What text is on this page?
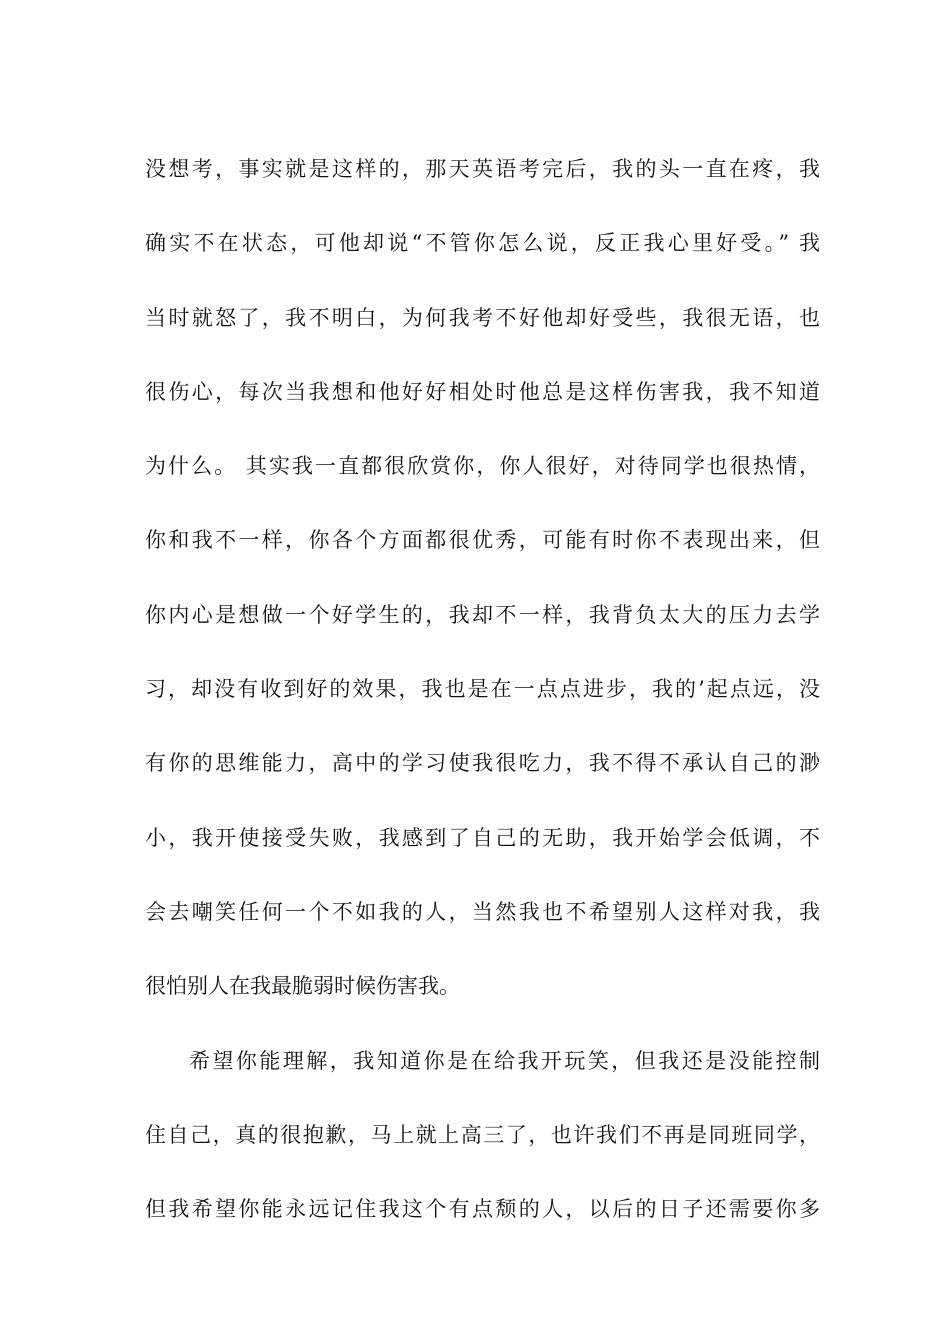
没想考，事实就是这样的，那天英语考完后，我的头一直在疼，我
确实不在状态，可他却说“不管你怎么说，反正我心里好受。” 我
当时就怒了，我不明白，为何我考不好他却好受些，我很无语，也
很伤心，每次当我想和他好好相处时他总是这样伤害我，我不知道
为什么。 其实我一直都很欣赏你，你人很好，对待同学也很热情，
你和我不一样，你各个方面都很优秀，可能有时你不表现出来，但
你内心是想做一个好学生的，我却不一样，我背负太大的压力去学
习，却没有收到好的效果，我也是在一点点进步，我的’起点远，没
有你的思维能力，高中的学习使我很吃力，我不得不承认自己的渺
小，我开使接受失败，我感到了自己的无助，我开始学会低调，不
会去嘲笑任何一个不如我的人，当然我也不希望别人这样对我，我
很怕别人在我最脆弱时候伤害我。
希望你能理解，我知道你是在给我开玩笑，但我还是没能控制
住自己，真的很抱歉，马上就上高三了，也许我们不再是同班同学，
但我希望你能永远记住我这个有点颓的人，以后的日子还需要你多
